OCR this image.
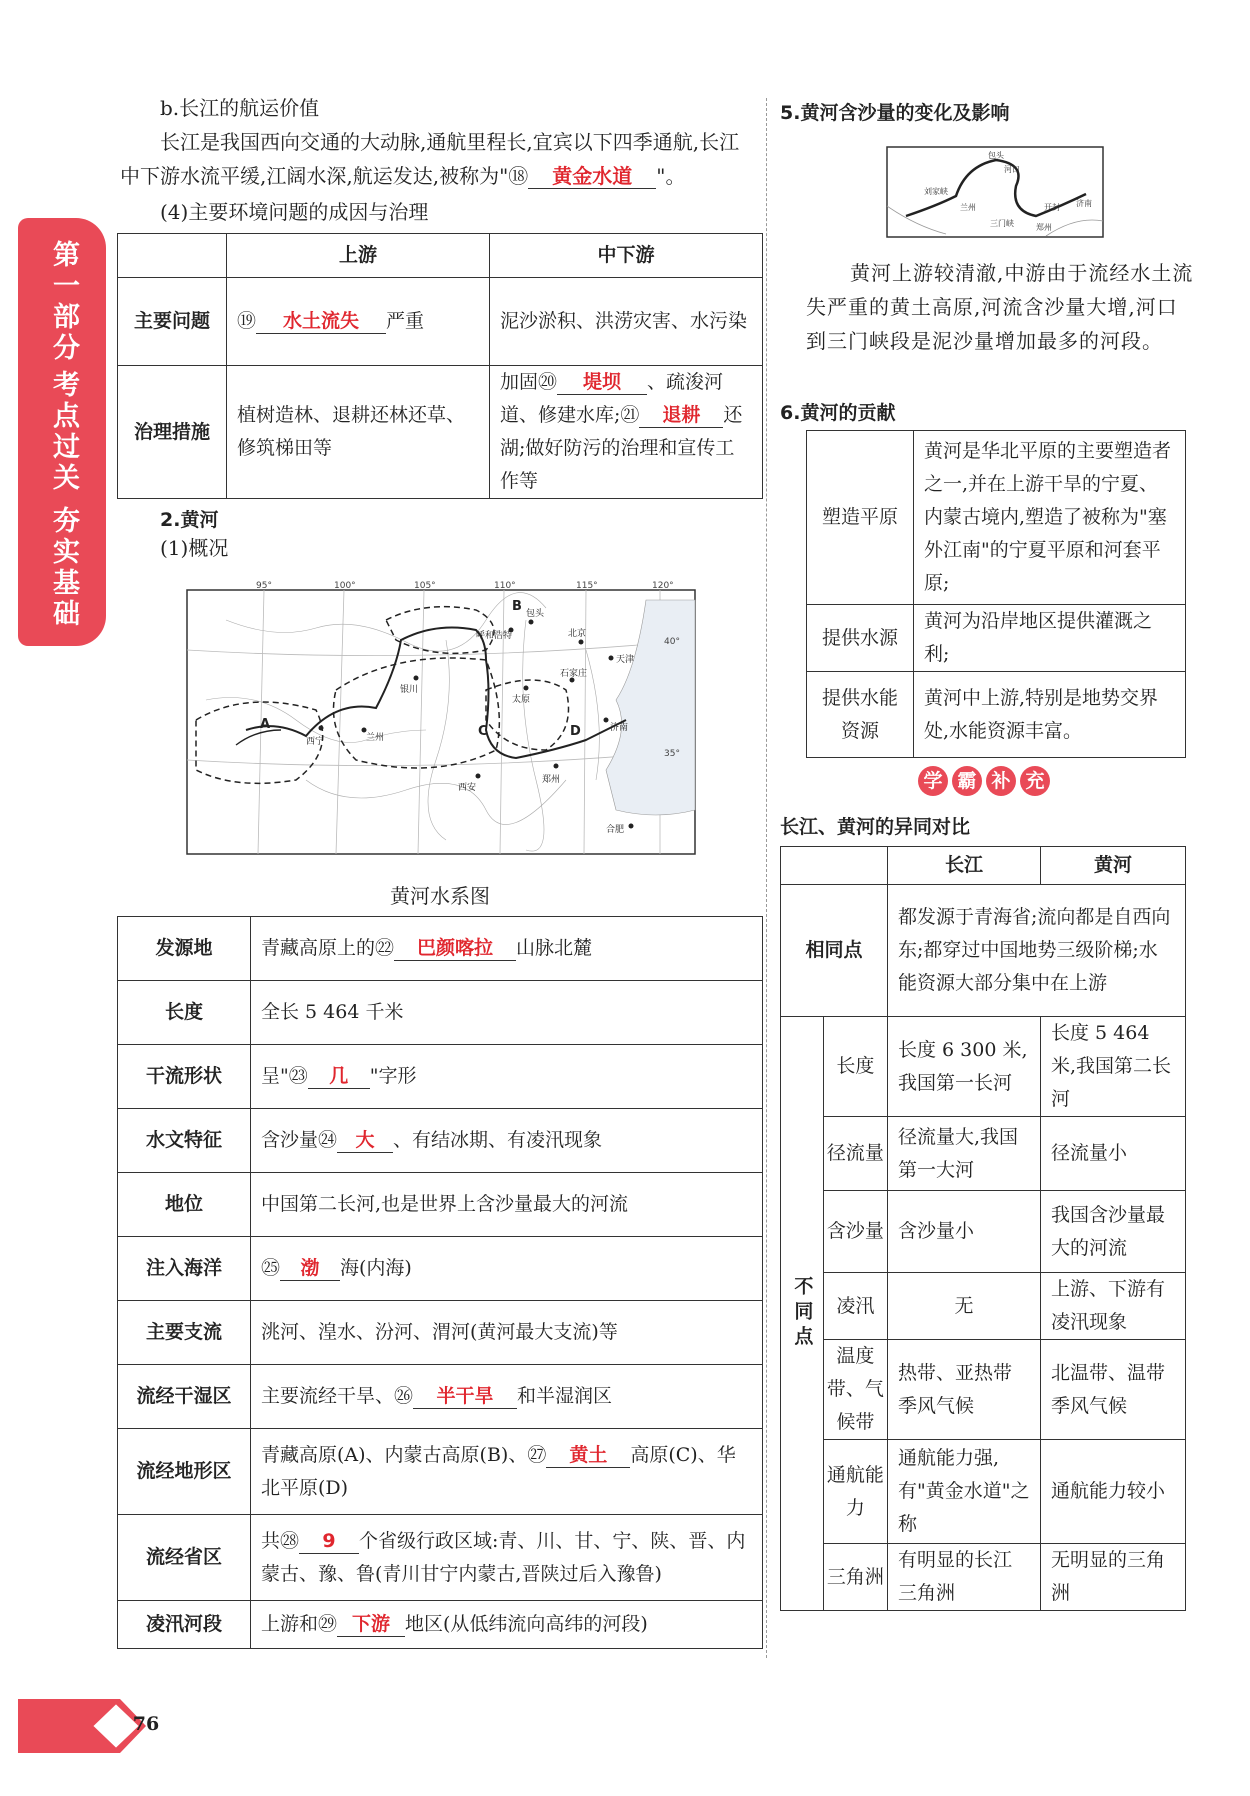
第一部分
考点过关
夯实基础
b.长江的航运价值
长江是我国西向交通的大动脉,通航里程长,宜宾以下四季通航,长江
中下游水流平缓,江阔水深,航运发达,被称为"⑱ 黄金水道 "。
(4)主要环境问题的成因与治理
	上游	中下游
主要问题	⑲ 水土流失 严重	泥沙淤积、洪涝灾害、水污染
治理措施	植树造林、退耕还林还草、修筑梯田等	加固⑳ 堤坝 、疏浚河道、修建水库;㉑ 退耕 还湖;做好防污的治理和宣传工作等
2.黄河
(1)概况
95°	100°	105°	110°	115°	120°
40°
35°
A
B
C	D
呼和浩特
包头
北京
天津
银川
太原
石家庄
济南
西宁	兰州
西安
郑州
合肥
黄河水系图
发源地	青藏高原上的㉒ 巴颜喀拉 山脉北麓
长度	全长 5 464 千米
干流形状	呈"㉓ 几 "字形
水文特征	含沙量㉔ 大 、有结冰期、有凌汛现象
地位	中国第二长河,也是世界上含沙量最大的河流
注入海洋	㉕ 渤 海(内海)
主要支流	洮河、湟水、汾河、渭河(黄河最大支流)等
流经干湿区	主要流经干旱、㉖ 半干旱 和半湿润区
流经地形区	青藏高原(A)、内蒙古高原(B)、㉗ 黄土 高原(C)、华北平原(D)
流经省区	共㉘ 9 个省级行政区域:青、川、甘、宁、陕、晋、内蒙古、豫、鲁(青川甘宁内蒙古,晋陕过后入豫鲁)
凌汛河段	上游和㉙ 下游 地区(从低纬流向高纬的河段)
76
5.黄河含沙量的变化及影响
包头
河口
刘家峡
兰州
三门峡
开封
郑州
济南
黄河上游较清澈,中游由于流经水土流失严重的黄土高原,河流含沙量大增,河口到三门峡段是泥沙量增加最多的河段。
6.黄河的贡献
塑造平原	黄河是华北平原的主要塑造者之一,并在上游干旱的宁夏、内蒙古境内,塑造了被称为"塞外江南"的宁夏平原和河套平原;
提供水源	黄河为沿岸地区提供灌溉之利;
提供水能资源	黄河中上游,特别是地势交界处,水能资源丰富。
学 霸 补 充
长江、黄河的异同对比
		长江	黄河
相同点		都发源于青海省;流向都是自西向东;都穿过中国地势三级阶梯;水能资源大部分集中在上游	
不同点	长度	长度 6 300 米,我国第一长河	长度 5 464 米,我国第二长河
	径流量	径流量大,我国第一大河	径流量小
	含沙量	含沙量小	我国含沙量最大的河流
	凌汛	无	上游、下游有凌汛现象
	温度带、气候带	热带、亚热带季风气候	北温带、温带季风气候
	通航能力	通航能力强,有"黄金水道"之称	通航能力较小
	三角洲	有明显的长江三角洲	无明显的三角洲
